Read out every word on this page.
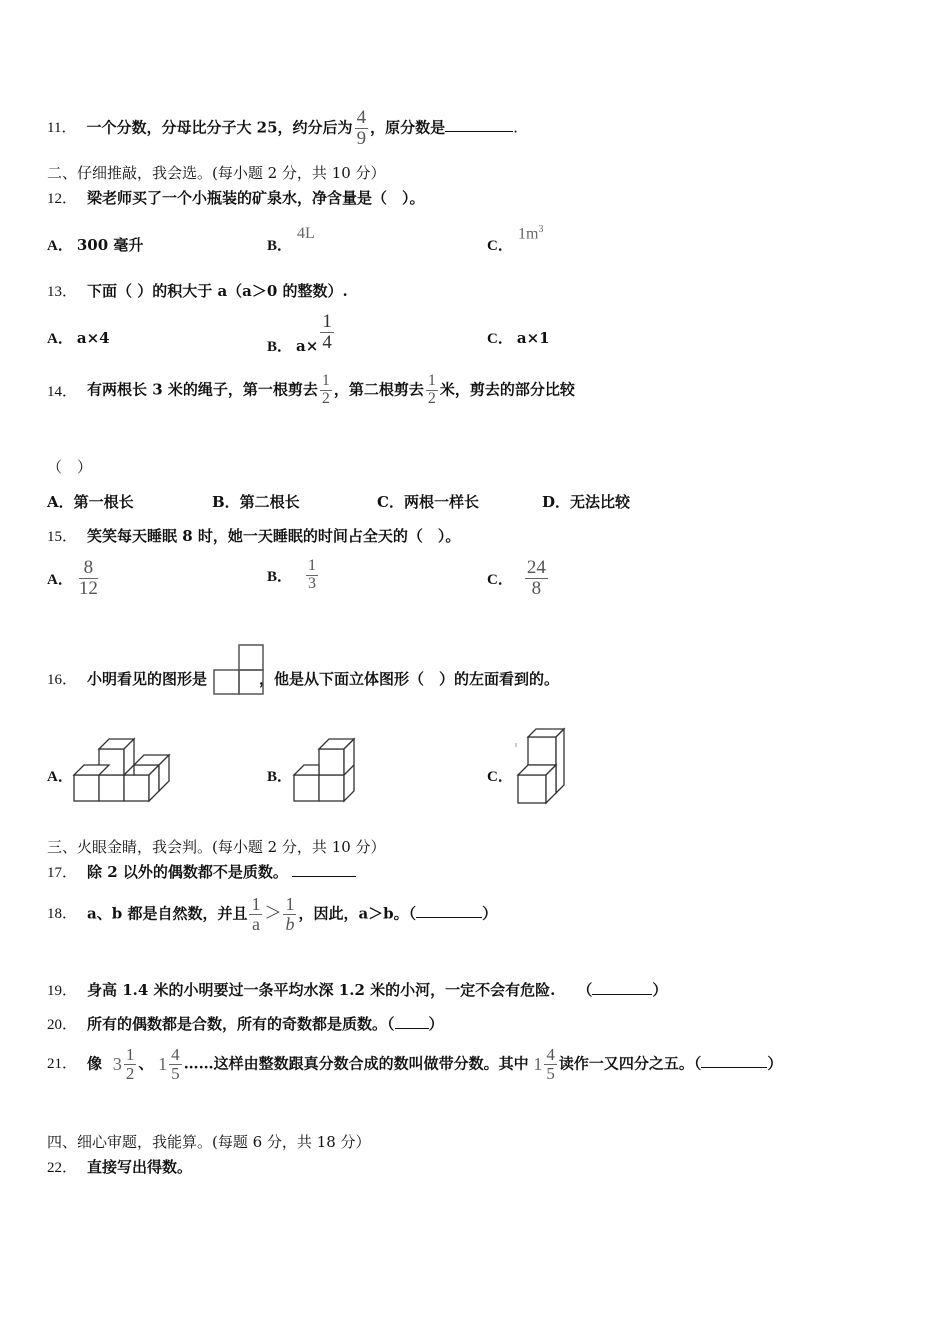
11． 一个分数，分母比分子大 25，约分后为 $\frac{4}{9}$ ，原分数是	.
二、仔细推敲，我会选。(每小题 2 分，共 10 分）
12． 梁老师买了一个小瓶装的矿泉水，净含量是（　）。
A． 300 毫升	B．
4L
C．
$1m^3$
13． 下面（ ）的积大于 a（a＞0 的整数）.
A． a×4
B． $a\times \frac{1}{4}$	C． a×1
14． 有两根长 3 米的绳子，第一根剪去 $\frac{1}{2}$ ，第二根剪去 $\frac{1}{2}$ 米，剪去的部分比较
（　）
A．第一根长	B．第二根长	C．两根一样长	D．无法比较
15． 笑笑每天睡眠 8 时，她一天睡眠的时间占全天的（　）。
A． $\frac{8}{12}$	B． $\frac{1}{3}$	C． $\frac{24}{8}$
16． 小明看见的图形是	，他是从下面立体图形（　）的左面看到的。
A．	B．	C．
三、火眼金睛，我会判。(每小题 2 分，共 10 分）
17． 除 2 以外的偶数都不是质数。
18． a、b 都是自然数，并且 $\frac{1}{a} > \frac{1}{b}$ ，因此，a＞b。（	）
19． 身高 1.4 米的小明要过一条平均水深 1.2 米的小河，一定不会有危险. （	）
20． 所有的偶数都是合数，所有的奇数都是质数。（ ）
21． 像 $3 \frac{1}{2}$ 、 $1 \frac{4}{5}$ ……这样由整数跟真分数合成的数叫做带分数。其中 $1 \frac{4}{5}$ 读作一又四分之五。（	）
四、细心审题，我能算。(每题 6 分，共 18 分）
22． 直接写出得数。
